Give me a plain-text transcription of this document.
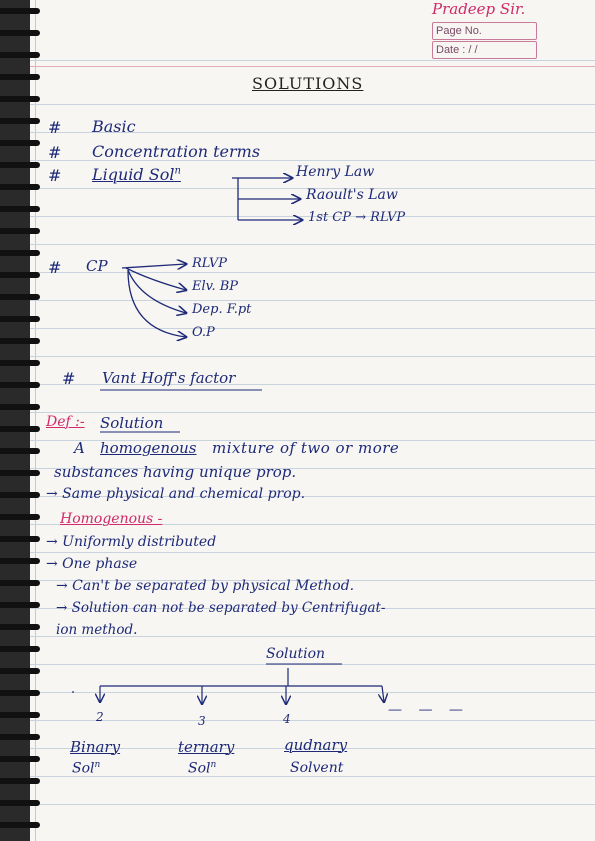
Pradeep Sir.
Page No.
Date : / /
SOLUTIONS
# Basic
# Concentration terms
# Liquid Sol$^n$	Henry Law
Raoult's Law
1st CP → RLVP
# CP	RLVP
Elv. BP
Dep. F.pt
O.P
# Vant Hoff's factor
Def :- Solution
A homogenous mixture of two or more
substances having unique prop.
→ Same physical and chemical prop.
Homogenous -
→ Uniformly distributed
→ One phase
→ Can't be separated by physical Method.
→ Solution can not be separated by Centrifugat-
ion method.
Solution
2	3	4
— — —
Binary
Sol$^n$
ternary
Sol$^n$
qudnary
Solvent
